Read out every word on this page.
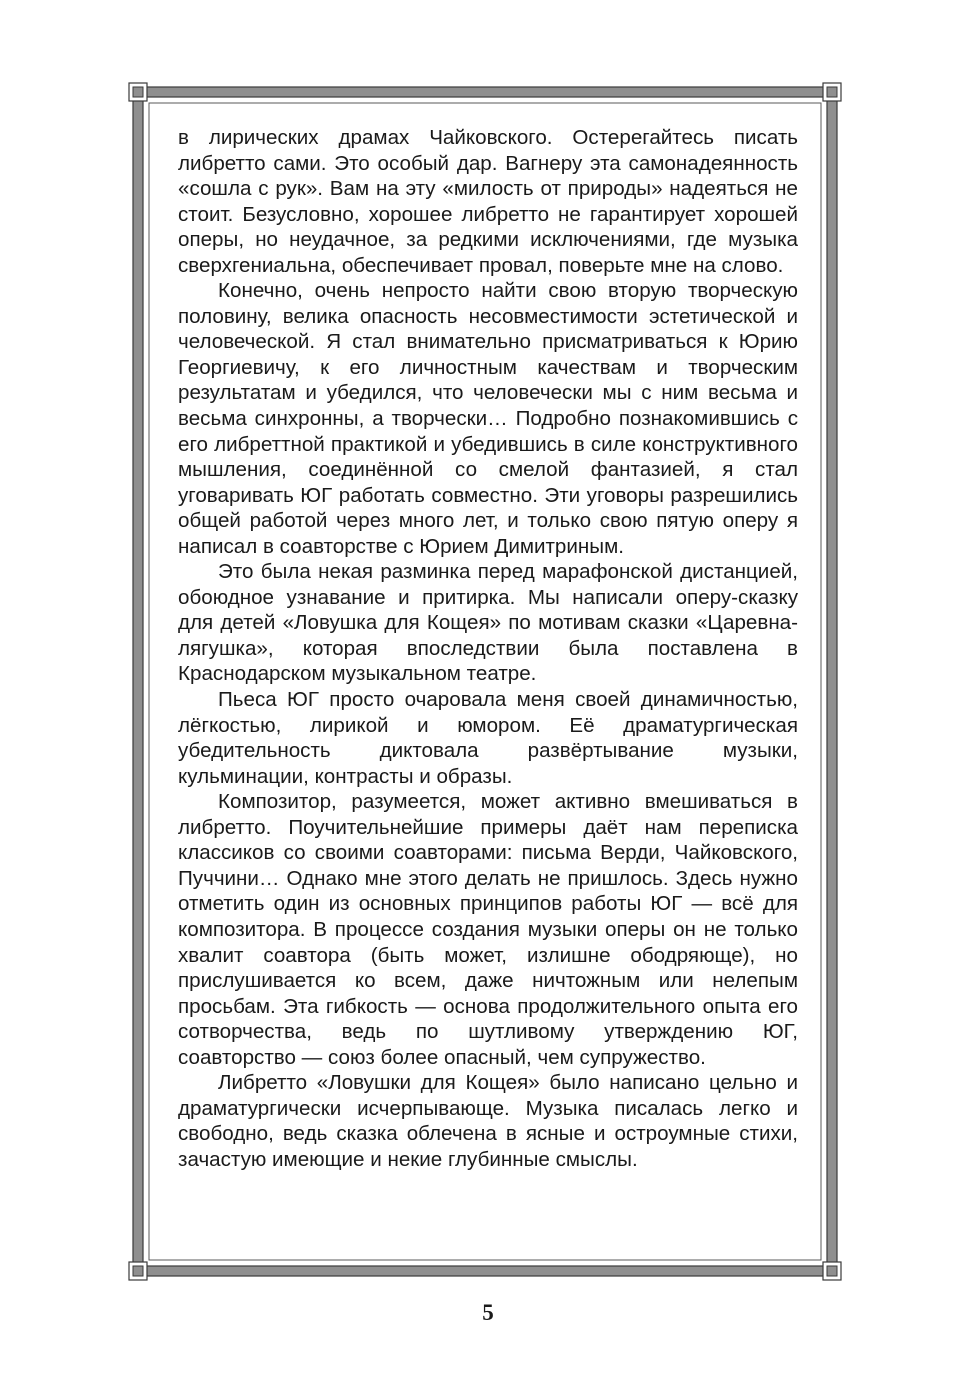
в лирических драмах Чайковского. Остерегайтесь писать либретто сами. Это особый дар. Вагнеру эта самонадеянность «сошла с рук». Вам на эту «милость от природы» надеяться не стоит. Безусловно, хорошее либретто не гарантирует хорошей оперы, но неудачное, за редкими исключениями, где музыка сверхгениальна, обеспечивает провал, поверьте мне на слово.

Конечно, очень непросто найти свою вторую творческую половину, велика опасность несовместимости эстетической и человеческой. Я стал внимательно присматриваться к Юрию Георгиевичу, к его личностным качествам и творческим результатам и убедился, что человечески мы с ним весьма и весьма синхронны, а творчески… Подробно познакомившись с его либреттной практикой и убедившись в силе конструктивного мышления, соединённой со смелой фантазией, я стал уговаривать ЮГ работать совместно. Эти уговоры разрешились общей работой через много лет, и только свою пятую оперу я написал в соавторстве с Юрием Димитриным.

Это была некая разминка перед марафонской дистанцией, обоюдное узнавание и притирка. Мы написали оперу-сказку для детей «Ловушка для Кощея» по мотивам сказки «Царевна-лягушка», которая впоследствии была поставлена в Краснодарском музыкальном театре.

Пьеса ЮГ просто очаровала меня своей динамичностью, лёгкостью, лирикой и юмором. Её драматургическая убедительность диктовала развёртывание музыки, кульминации, контрасты и образы.

Композитор, разумеется, может активно вмешиваться в либретто. Поучительнейшие примеры даёт нам переписка классиков со своими соавторами: письма Верди, Чайковского, Пуччини… Однако мне этого делать не пришлось. Здесь нужно отметить один из основных принципов работы ЮГ — всё для композитора. В процессе создания музыки оперы он не только хвалит соавтора (быть может, излишне ободряюще), но прислушивается ко всем, даже ничтожным или нелепым просьбам. Эта гибкость — основа продолжительного опыта его сотворчества, ведь по шутливому утверждению ЮГ, соавторство — союз более опасный, чем супружество.

Либретто «Ловушки для Кощея» было написано цельно и драматургически исчерпывающе. Музыка писалась легко и свободно, ведь сказка облечена в ясные и остроумные стихи, зачастую имеющие и некие глубинные смыслы.

5
